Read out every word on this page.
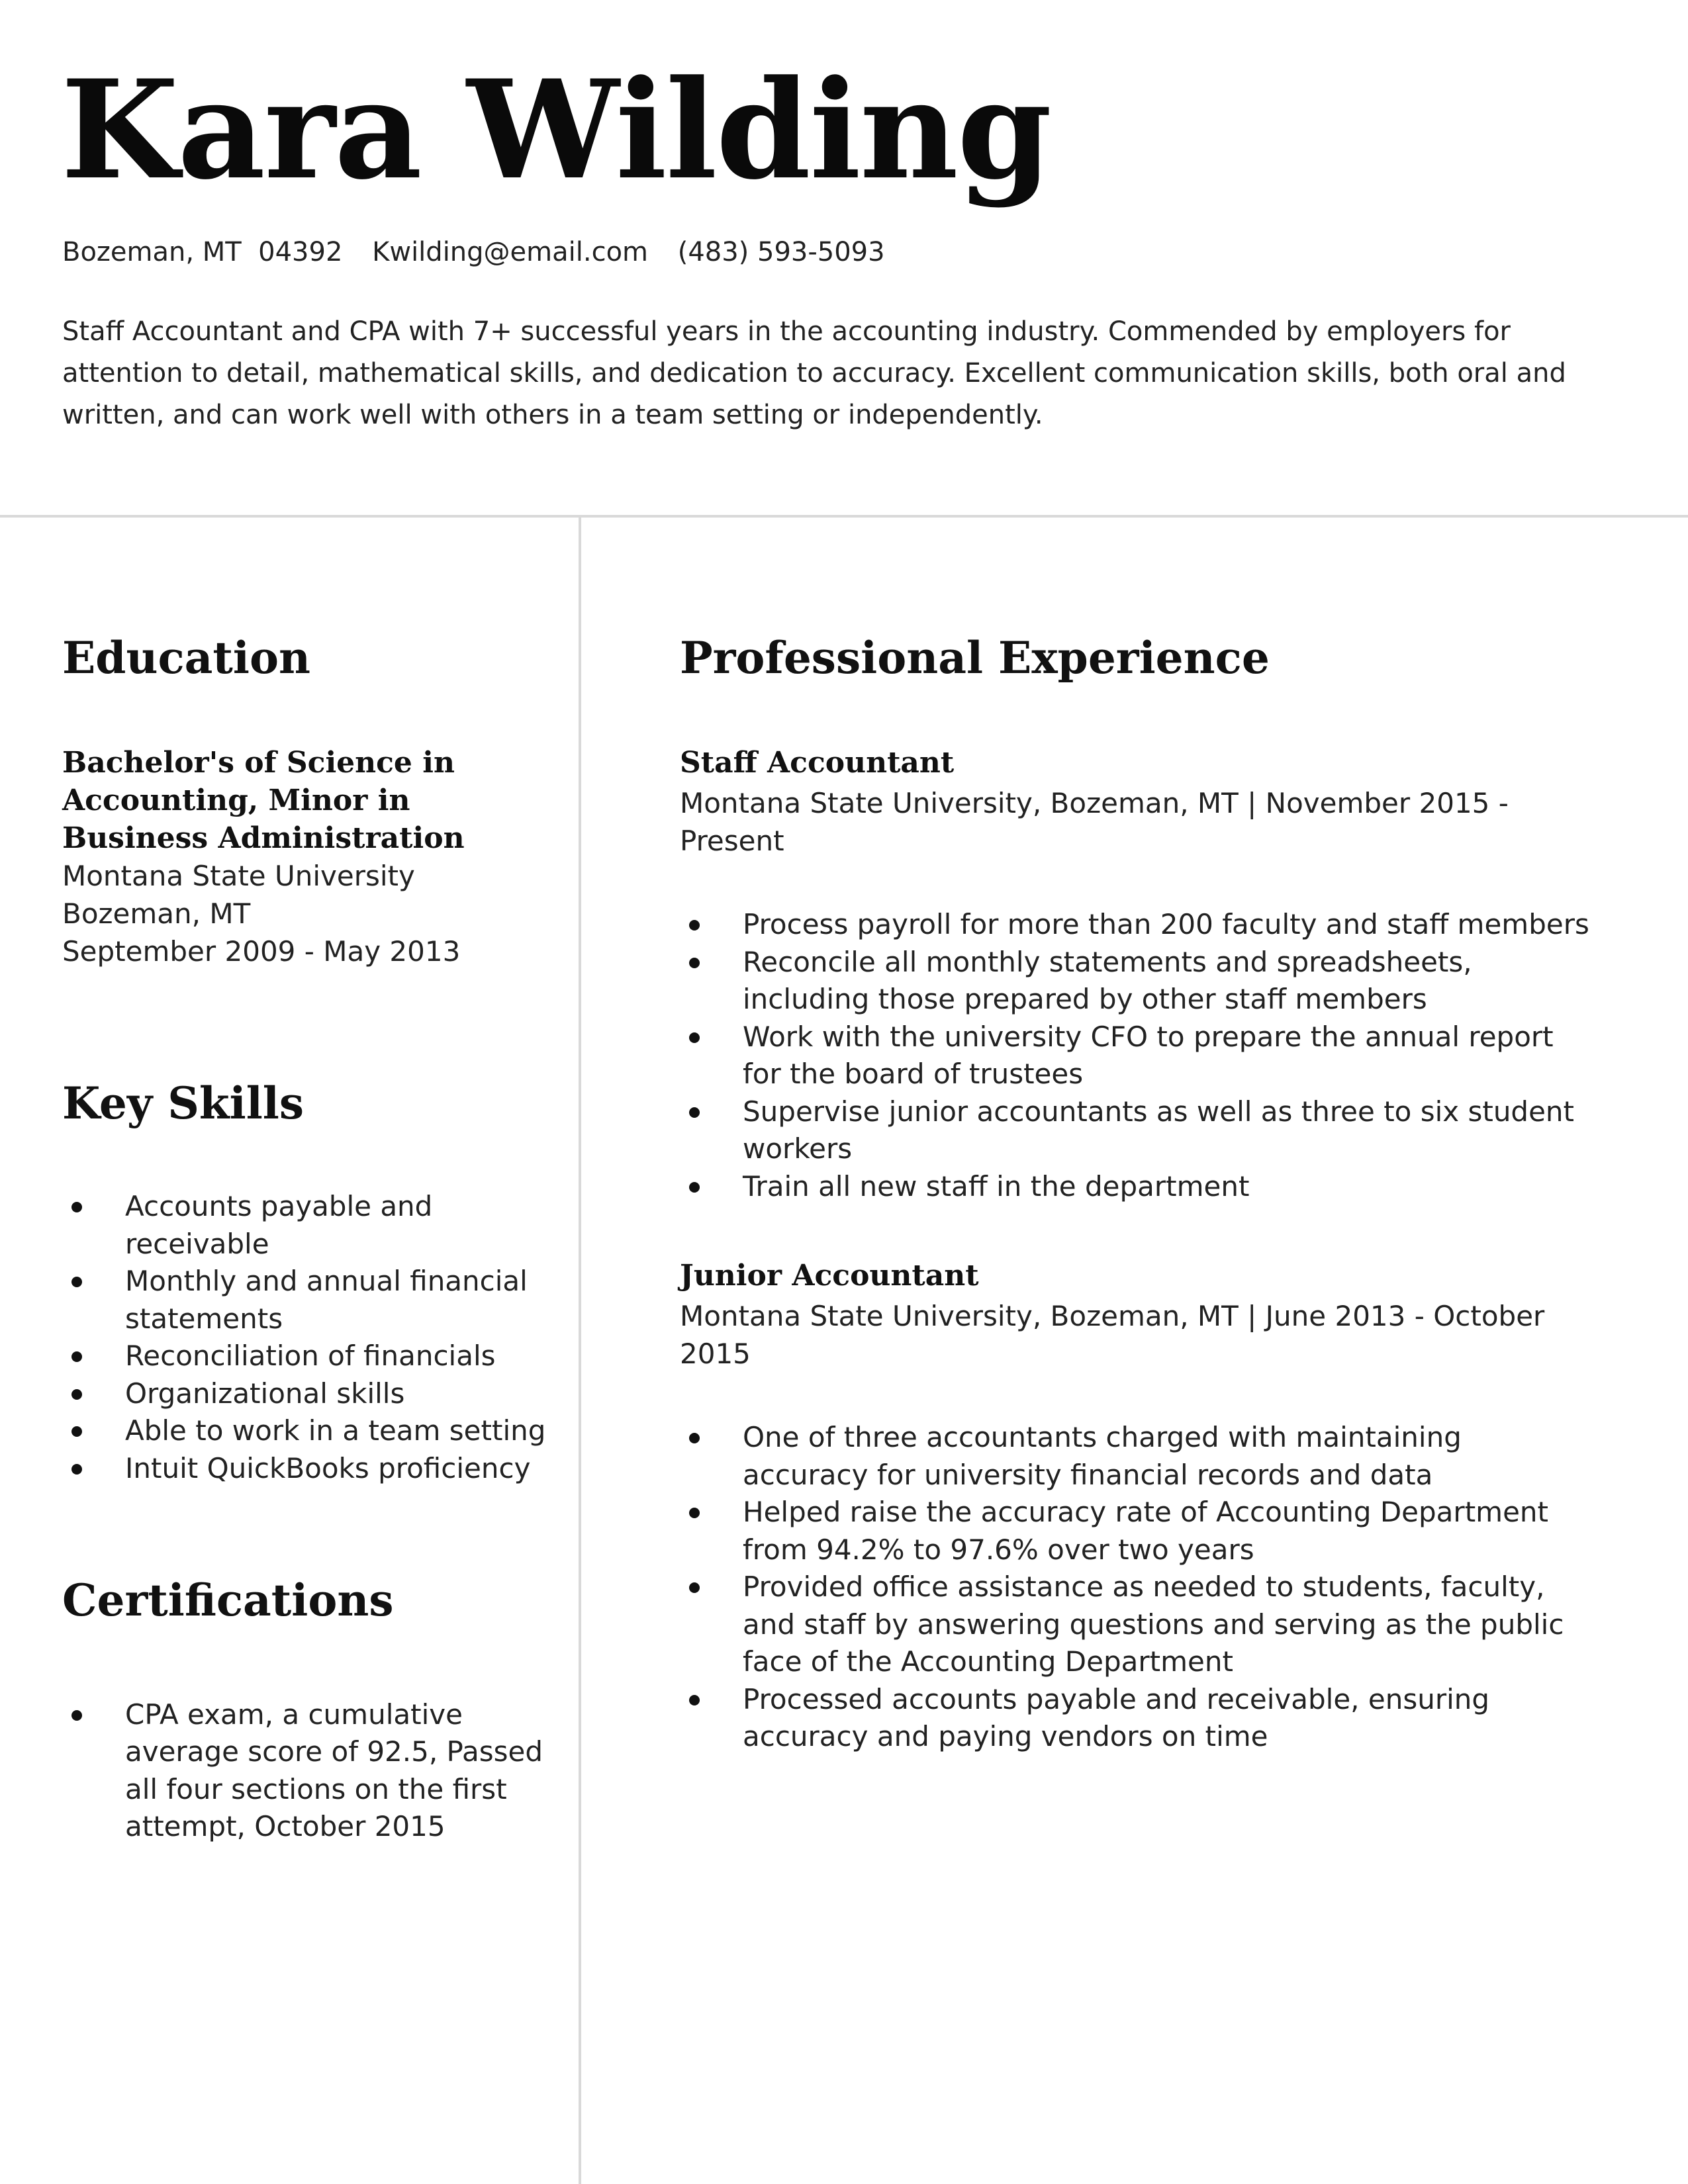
Kara Wilding
Bozeman, MT  04392 Kwilding@email.com (483) 593-5093

Staff Accountant and CPA with 7+ successful years in the accounting industry. Commended by employers for attention to detail, mathematical skills, and dedication to accuracy. Excellent communication skills, both oral and written, and can work well with others in a team setting or independently.

Education
Bachelor's of Science in Accounting, Minor in Business Administration
Montana State University
Bozeman, MT
September 2009 - May 2013
Key Skills
Accounts payable and receivable
Monthly and annual financial statements
Reconciliation of financials
Organizational skills
Able to work in a team setting
Intuit QuickBooks proficiency
Certifications
CPA exam, a cumulative average score of 92.5, Passed all four sections on the first attempt, October 2015
Professional Experience
Staff Accountant
Montana State University, Bozeman, MT | November 2015 - Present
Process payroll for more than 200 faculty and staff members
Reconcile all monthly statements and spreadsheets, including those prepared by other staff members
Work with the university CFO to prepare the annual report for the board of trustees
Supervise junior accountants as well as three to six student workers
Train all new staff in the department
Junior Accountant
Montana State University, Bozeman, MT | June 2013 - October 2015
One of three accountants charged with maintaining accuracy for university financial records and data
Helped raise the accuracy rate of Accounting Department from 94.2% to 97.6% over two years
Provided office assistance as needed to students, faculty, and staff by answering questions and serving as the public face of the Accounting Department
Processed accounts payable and receivable, ensuring accuracy and paying vendors on time
